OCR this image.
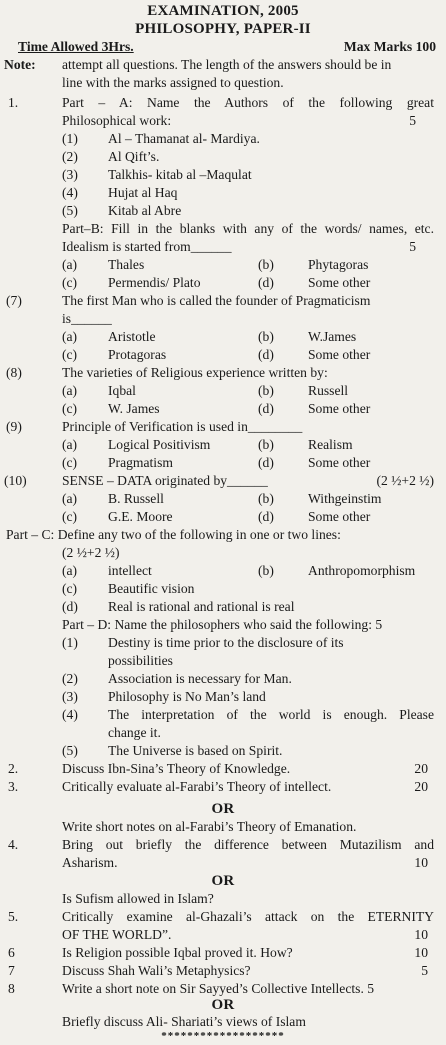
EXAMINATION, 2005
PHILOSOPHY, PAPER-II
Time Allowed 3Hrs.	Max Marks 100
Note: attempt all questions. The length of the answers should be in
line with the marks assigned to question.
1.	Part – A: Name the Authors of the following great
Philosophical work:	5
(1) Al – Thamanat al- Mardiya.
(2) Al Qift’s.
(3) Talkhis- kitab al –Maqulat
(4) Hujat al Haq
(5) Kitab al Abre
Part–B: Fill in the blanks with any of the words/ names, etc.
Idealism is started from______	5
(a) Thales	(b)	Phytagoras
(c) Permendis/ Plato	(d)	Some other
(7)	The first Man who is called the founder of Pragmaticism
is______
(a) Aristotle	(b)	W.James
(c) Protagoras	(d)	Some other
(8)	The varieties of Religious experience written by:
(a) Iqbal	(b)	Russell
(c) W. James	(d)	Some other
(9)	Principle of Verification is used in________
(a) Logical Positivism	(b)	Realism
(c) Pragmatism	(d)	Some other
(10)	SENSE – DATA originated by______	(2 ½+2 ½)
(a) B. Russell	(b)	Withgeinstim
(c) G.E. Moore	(d)	Some other
Part – C: Define any two of the following in one or two lines:
(2 ½+2 ½)
(a) intellect	(b)	Anthropomorphism
(c) Beautific vision
(d) Real is rational and rational is real
Part – D: Name the philosophers who said the following: 5
(1) Destiny is time prior to the disclosure of its
possibilities
(2) Association is necessary for Man.
(3) Philosophy is No Man’s land
(4) The interpretation of the world is enough. Please
change it.
(5) The Universe is based on Spirit.
2.	Discuss Ibn-Sina’s Theory of Knowledge.	20
3.	Critically evaluate al-Farabi’s Theory of intellect.	20
OR
Write short notes on al-Farabi’s Theory of Emanation.
4.	Bring out briefly the difference between Mutazilism and
Asharism.	10
OR
Is Sufism allowed in Islam?
5.	Critically examine al-Ghazali’s attack on the ETERNITY
OF THE WORLD”.	10
6	Is Religion possible Iqbal proved it. How?	10
7	Discuss Shah Wali’s Metaphysics?	5
8	Write a short note on Sir Sayyed’s Collective Intellects. 5
OR
Briefly discuss Ali- Shariati’s views of Islam
*******************
